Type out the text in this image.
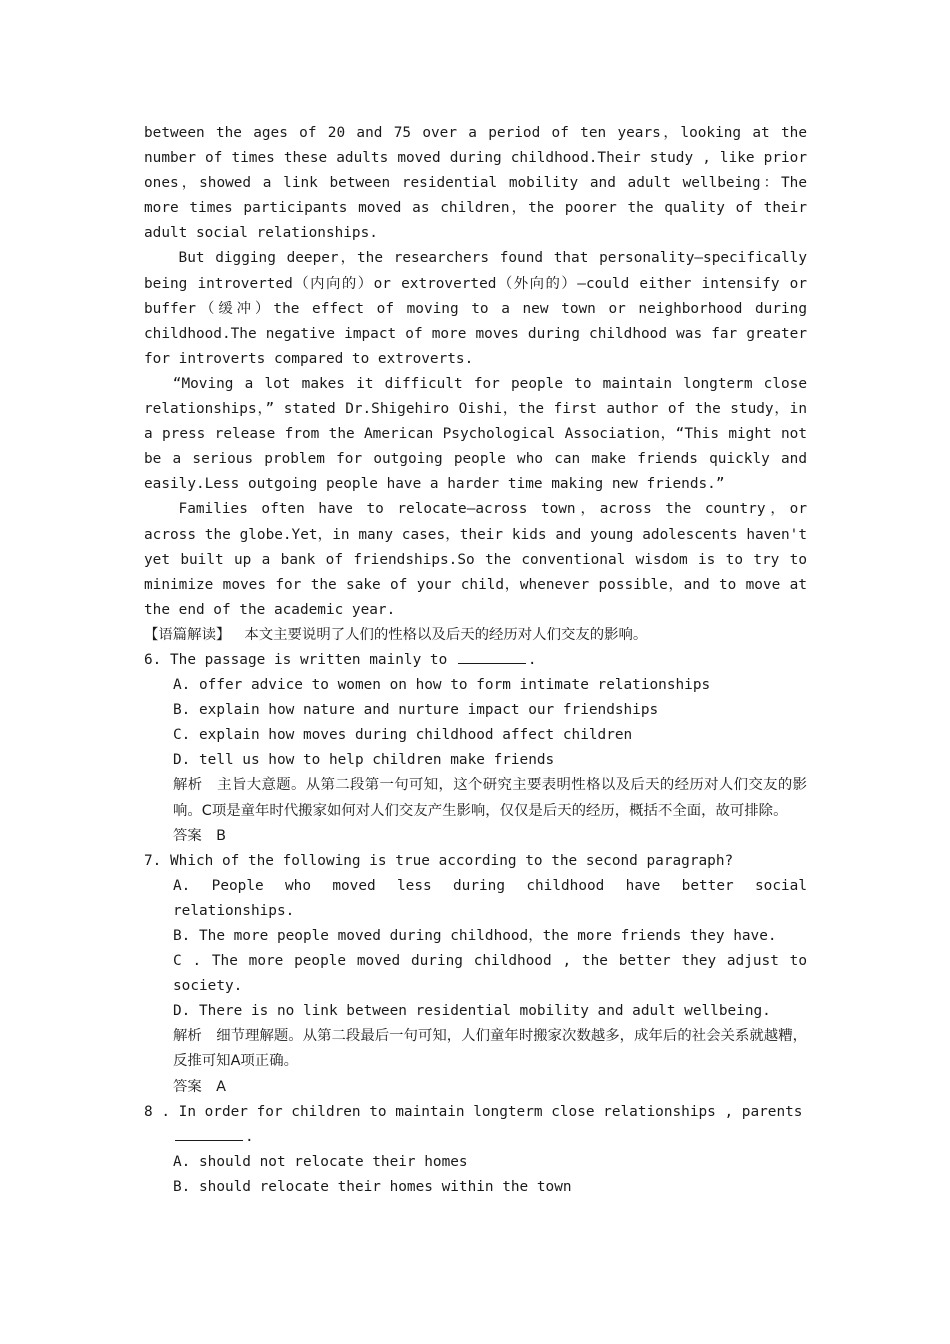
between the ages of 20 and 75 over a period of ten years，looking at the number of times these adults moved during childhood.Their study , like prior ones，showed a link between residential mobility and adult wellbeing：The more times participants moved as children，the poorer the quality of their adult social relationships.

But digging deeper，the researchers found that personality—specifically being introverted（内向的）or extroverted（外向的）—could either intensify or buffer（缓冲）the effect of moving to a new town or neighborhood during childhood.The negative impact of more moves during childhood was far greater for introverts compared to extroverts.

“Moving a lot makes it difficult for people to maintain longterm close relationships，” stated Dr.Shigehiro Oishi，the first author of the study，in a press release from the American Psychological Association，“This might not be a serious problem for outgoing people who can make friends quickly and easily.Less outgoing people have a harder time making new friends.”

Families often have to relocate—across town，across the country，or across the globe.Yet，in many cases，their kids and young adolescents haven't yet built up a bank of friendships.So the conventional wisdom is to try to minimize moves for the sake of your child，whenever possible，and to move at the end of the academic year.

【语篇解读】 本文主要说明了人们的性格以及后天的经历对人们交友的影响。

6. The passage is written mainly to	.

A. offer advice to women on how to form intimate relationships

B. explain how nature and nurture impact our friendships

C. explain how moves during childhood affect children

D. tell us how to help children make friends

解析　主旨大意题。从第二段第一句可知，这个研究主要表明性格以及后天的经历对人们交友的影响。C项是童年时代搬家如何对人们交友产生影响，仅仅是后天的经历，概括不全面，故可排除。

答案　B

7. Which of the following is true according to the second paragraph?

A. People who moved less during childhood have better social relationships.

B. The more people moved during childhood，the more friends they have.

C . The more people moved during childhood , the better they adjust to society.

D. There is no link between residential mobility and adult wellbeing.

解析　细节理解题。从第二段最后一句可知，人们童年时搬家次数越多，成年后的社会关系就越糟，反推可知A项正确。

答案　A

8 . In order for children to maintain longterm close relationships , parents
.

A. should not relocate their homes

B. should relocate their homes within the town
